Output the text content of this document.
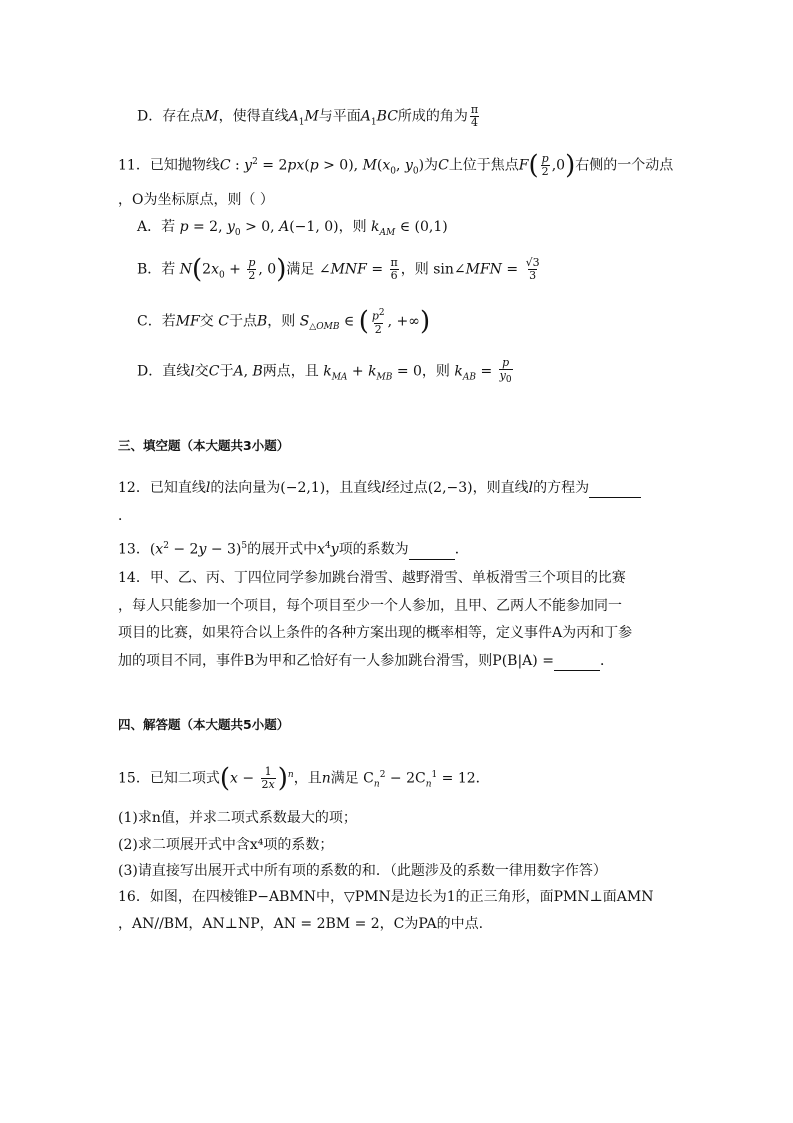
D．存在点M，使得直线$A_1M$与平面$A_1BC$所成的角为 $\frac{\pi}{4}$
11．已知抛物线C : $y^2 = 2px(p > 0)$, $M(x_0$, $y_0$)为C上位于焦点$F( \frac{p}{2} ,0)$右侧的一个动点
，O为坐标原点，则（ ）
A．若 p = 2, $y_0 > 0$, A(−1, 0)，则 $k_{AM}$ ∈ (0,1)
B．若 $N(2x_0 + \frac{p}{2}$ , 0)满足 ∠MNF = $\frac{\pi}{6}$ ，则 sin∠MFN = $\frac{√3}{3}$
C．若MF交 C于点B，则 $S_{\triangle OMB}$ ∈ ( $\frac{p^2}{2}$ , +∞)
D．直线l交C于A, B两点，且 $k_{MA} + k_{MB} = 0$，则 $k_{AB} = \frac{p}{y_0}$
三、填空题（本大题共3小题）
12．已知直线l的法向量为(−2,1)，且直线l经过点(2,−3)，则直线l的方程为
．
13．$(x^2 - 2y - 3)^5$的展开式中$x^4y$项的系数为	．
14．甲、乙、丙、丁四位同学参加跳台滑雪、越野滑雪、单板滑雪三个项目的比赛
，每人只能参加一个项目，每个项目至少一个人参加，且甲、乙两人不能参加同一
项目的比赛，如果符合以上条件的各种方案出现的概率相等，定义事件A为丙和丁参
加的项目不同，事件B为甲和乙恰好有一人参加跳台滑雪，则P(B|A) =	．
四、解答题（本大题共5小题）
15．已知二项式$(x - \frac{1}{2x} )^n$，且n满足 $C_n^2 - 2C_n^1 = 12$．
(1)求n值，并求二项式系数最大的项；
(2)求二项展开式中含x⁴项的系数；
(3)请直接写出展开式中所有项的系数的和．（此题涉及的系数一律用数字作答）
16．如图，在四棱锥P−ABMN中，▽PMN是边长为1的正三角形，面PMN⊥面AMN
，AN//BM，AN⊥NP，AN = 2BM = 2，C为PA的中点.
